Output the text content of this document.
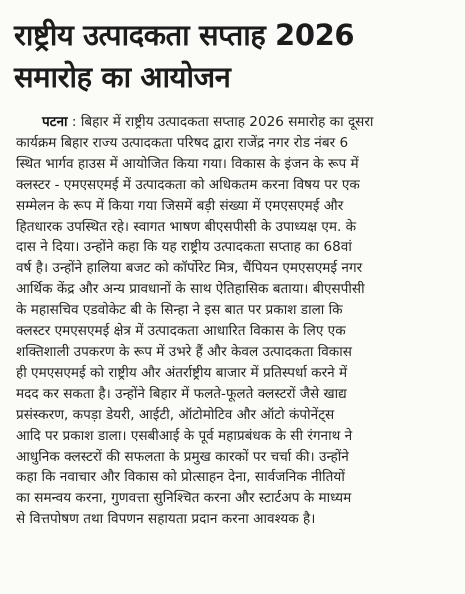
राष्ट्रीय उत्पादकता सप्ताह 2026
समारोह का आयोजन
पटना : बिहार में राष्ट्रीय उत्पादकता सप्ताह 2026 समारोह का दूसरा
कार्यक्रम बिहार राज्य उत्पादकता परिषद द्वारा राजेंद्र नगर रोड नंबर 6
स्थित भार्गव हाउस में आयोजित किया गया। विकास के इंजन के रूप में
क्लस्टर - एमएसएमई में उत्पादकता को अधिकतम करना विषय पर एक
सम्मेलन के रूप में किया गया जिसमें बड़ी संख्या में एमएसएमई और
हितधारक उपस्थित रहे। स्वागत भाषण बीएसपीसी के उपाध्यक्ष एम. के
दास ने दिया। उन्होंने कहा कि यह राष्ट्रीय उत्पादकता सप्ताह का 68वां
वर्ष है। उन्होंने हालिया बजट को कॉर्पोरेट मित्र, चैंपियन एमएसएमई नगर
आर्थिक केंद्र और अन्य प्रावधानों के साथ ऐतिहासिक बताया। बीएसपीसी
के महासचिव एडवोकेट बी के सिन्हा ने इस बात पर प्रकाश डाला कि
क्लस्टर एमएसएमई क्षेत्र में उत्पादकता आधारित विकास के लिए एक
शक्तिशाली उपकरण के रूप में उभरे हैं और केवल उत्पादकता विकास
ही एमएसएमई को राष्ट्रीय और अंतर्राष्ट्रीय बाजार में प्रतिस्पर्धा करने में
मदद कर सकता है। उन्होंने बिहार में फलते-फूलते क्लस्टरों जैसे खाद्य
प्रसंस्करण, कपड़ा डेयरी, आईटी, ऑटोमोटिव और ऑटो कंपोनेंट्स
आदि पर प्रकाश डाला। एसबीआई के पूर्व महाप्रबंधक के सी रंगनाथ ने
आधुनिक क्लस्टरों की सफलता के प्रमुख कारकों पर चर्चा की। उन्होंने
कहा कि नवाचार और विकास को प्रोत्साहन देना, सार्वजनिक नीतियों
का समन्वय करना, गुणवत्ता सुनिश्चित करना और स्टार्टअप के माध्यम
से वित्तपोषण तथा विपणन सहायता प्रदान करना आवश्यक है।
